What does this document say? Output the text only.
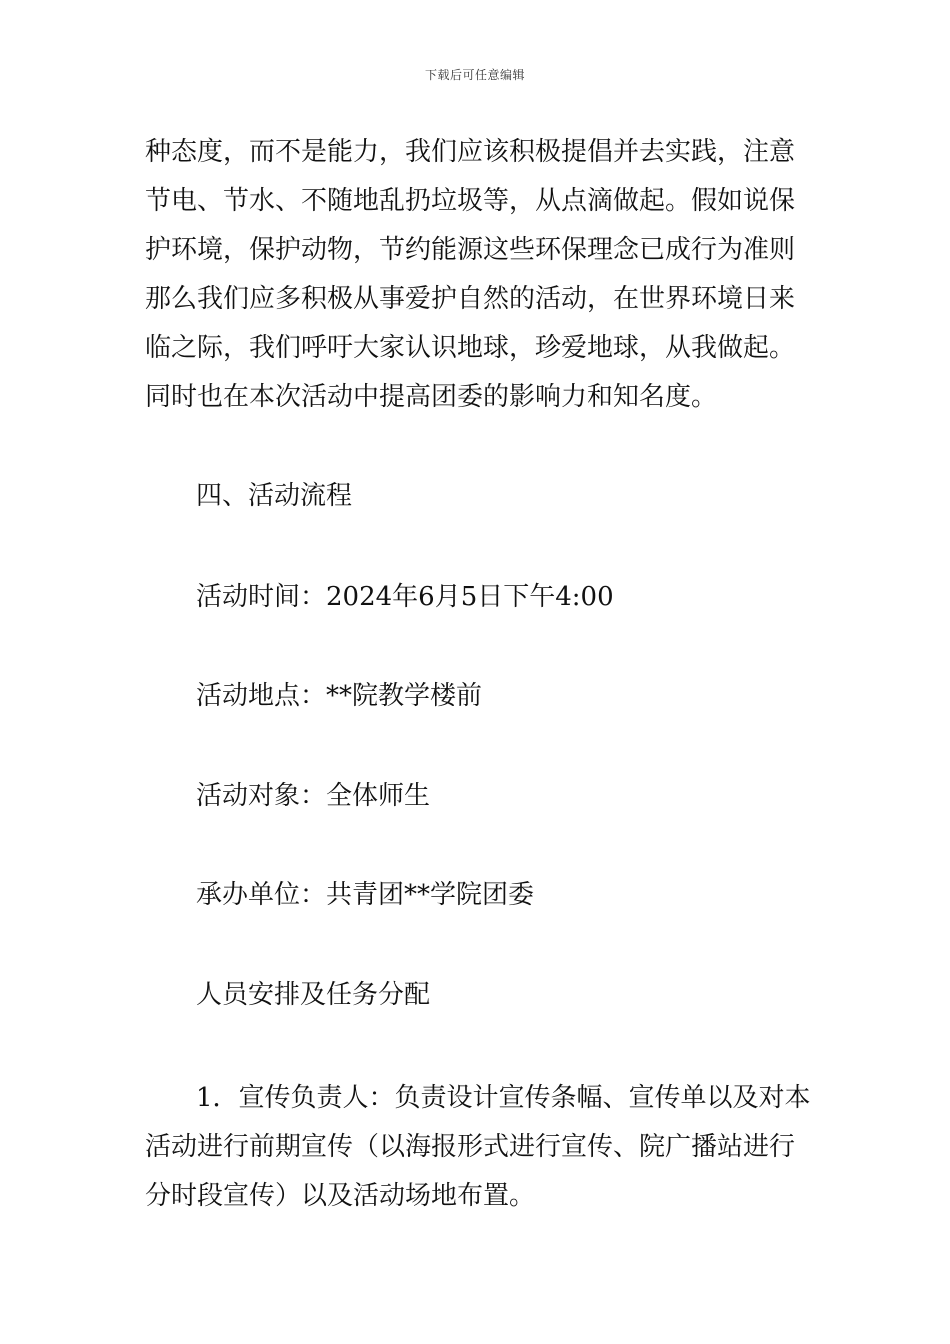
下载后可任意编辑

种态度，而不是能力，我们应该积极提倡并去实践，注意
节电、节水、不随地乱扔垃圾等，从点滴做起。假如说保
护环境，保护动物，节约能源这些环保理念已成行为准则
那么我们应多积极从事爱护自然的活动，在世界环境日来
临之际，我们呼吁大家认识地球，珍爱地球，从我做起。
同时也在本次活动中提高团委的影响力和知名度。

四、活动流程

活动时间：2024年6月5日下午4:00

活动地点：**院教学楼前

活动对象：全体师生

承办单位：共青团**学院团委

人员安排及任务分配

1．宣传负责人：负责设计宣传条幅、宣传单以及对本
活动进行前期宣传（以海报形式进行宣传、院广播站进行
分时段宣传）以及活动场地布置。
